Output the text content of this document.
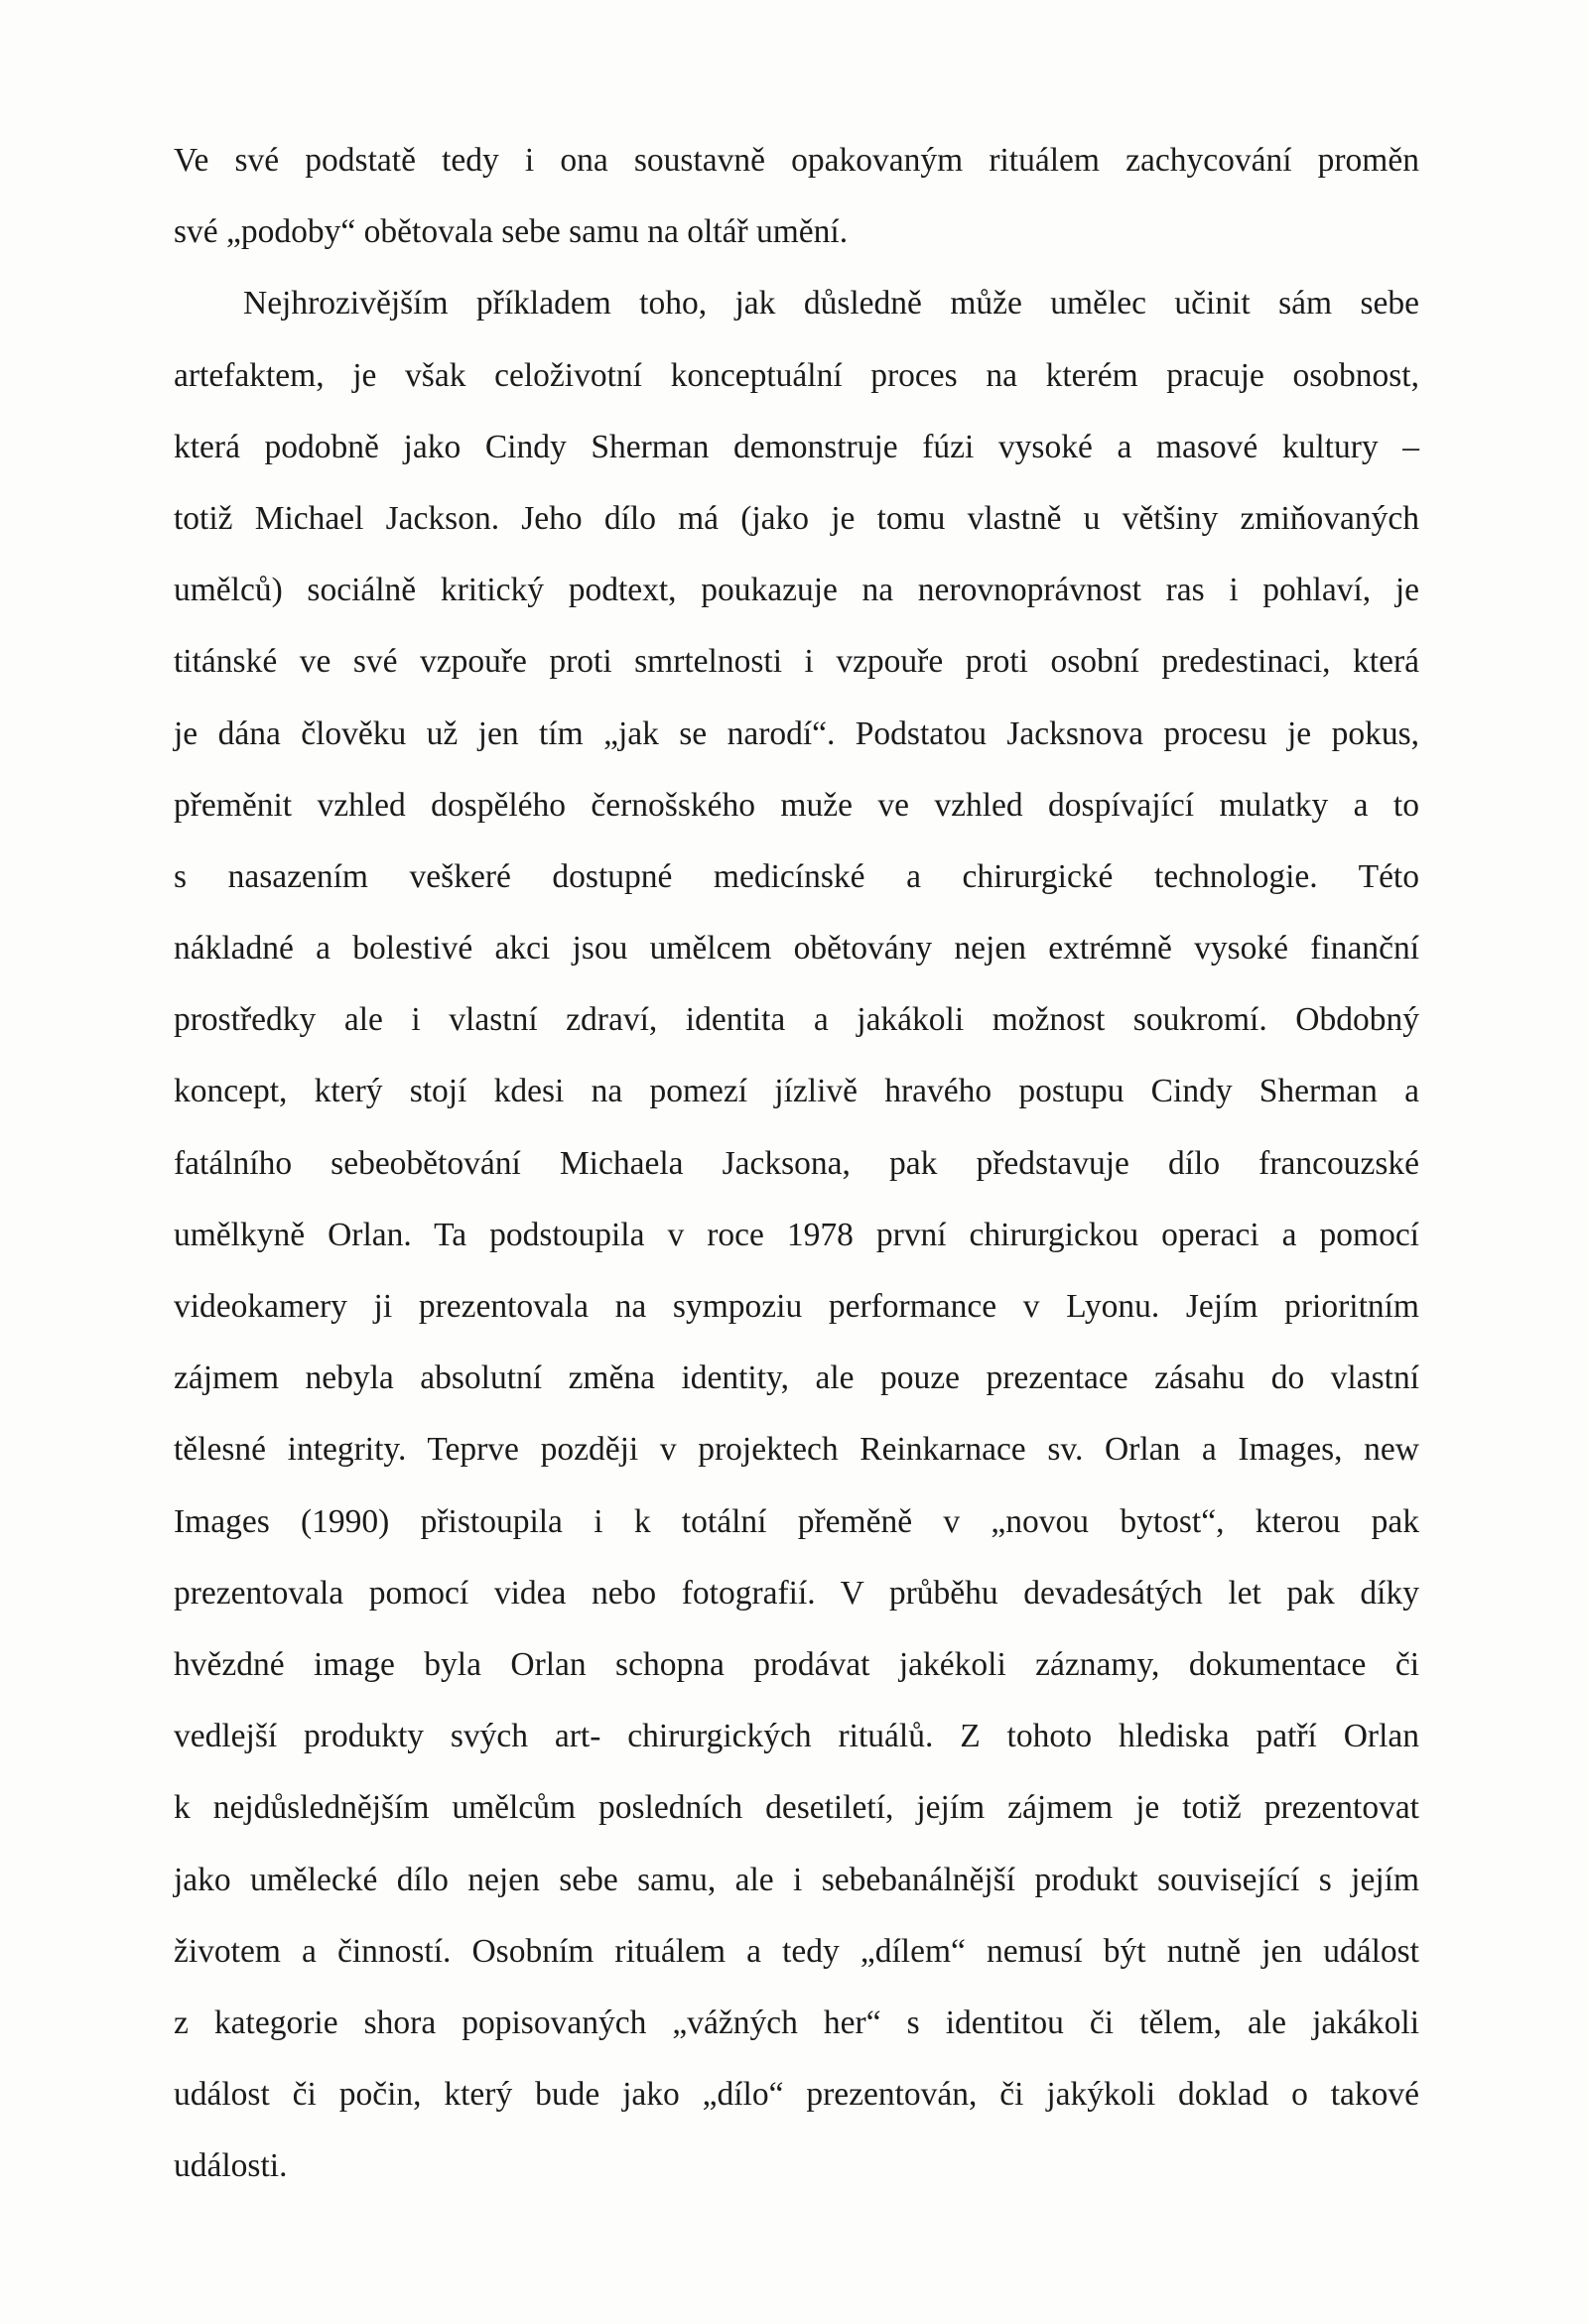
Ve své podstatě tedy i ona soustavně opakovaným rituálem zachycování proměn
své „podoby“ obětovala sebe samu na oltář umění.
Nejhrozivějším příkladem toho, jak důsledně může umělec učinit sám sebe
artefaktem, je však celoživotní konceptuální proces na kterém pracuje osobnost,
která podobně jako Cindy Sherman demonstruje fúzi vysoké a masové kultury –
totiž Michael Jackson. Jeho dílo má (jako je tomu vlastně u většiny zmiňovaných
umělců) sociálně kritický podtext, poukazuje na nerovnoprávnost ras i pohlaví, je
titánské ve své vzpouře proti smrtelnosti i vzpouře proti osobní predestinaci, která
je dána člověku už jen tím „jak se narodí“. Podstatou Jacksnova procesu je pokus,
přeměnit vzhled dospělého černošského muže ve vzhled dospívající mulatky a to
s nasazením veškeré dostupné medicínské a chirurgické technologie. Této
nákladné a bolestivé akci jsou umělcem obětovány nejen extrémně vysoké finanční
prostředky ale i vlastní zdraví, identita a jakákoli možnost soukromí. Obdobný
koncept, který stojí kdesi na pomezí jízlivě hravého postupu Cindy Sherman a
fatálního sebeobětování Michaela Jacksona, pak představuje dílo francouzské
umělkyně Orlan. Ta podstoupila v roce 1978 první chirurgickou operaci a pomocí
videokamery ji prezentovala na sympoziu performance v Lyonu. Jejím prioritním
zájmem nebyla absolutní změna identity, ale pouze prezentace zásahu do vlastní
tělesné integrity. Teprve později v projektech Reinkarnace sv. Orlan a Images, new
Images (1990) přistoupila i k totální přeměně v „novou bytost“, kterou pak
prezentovala pomocí videa nebo fotografií. V průběhu devadesátých let pak díky
hvězdné image byla Orlan schopna prodávat jakékoli záznamy, dokumentace či
vedlejší produkty svých art- chirurgických rituálů. Z tohoto hlediska patří Orlan
k nejdůslednějším umělcům posledních desetiletí, jejím zájmem je totiž prezentovat
jako umělecké dílo nejen sebe samu, ale i sebebanálnější produkt související s jejím
životem a činností. Osobním rituálem a tedy „dílem“ nemusí být nutně jen událost
z kategorie shora popisovaných „vážných her“ s identitou či tělem, ale jakákoli
událost či počin, který bude jako „dílo“ prezentován, či jakýkoli doklad o takové
události.
